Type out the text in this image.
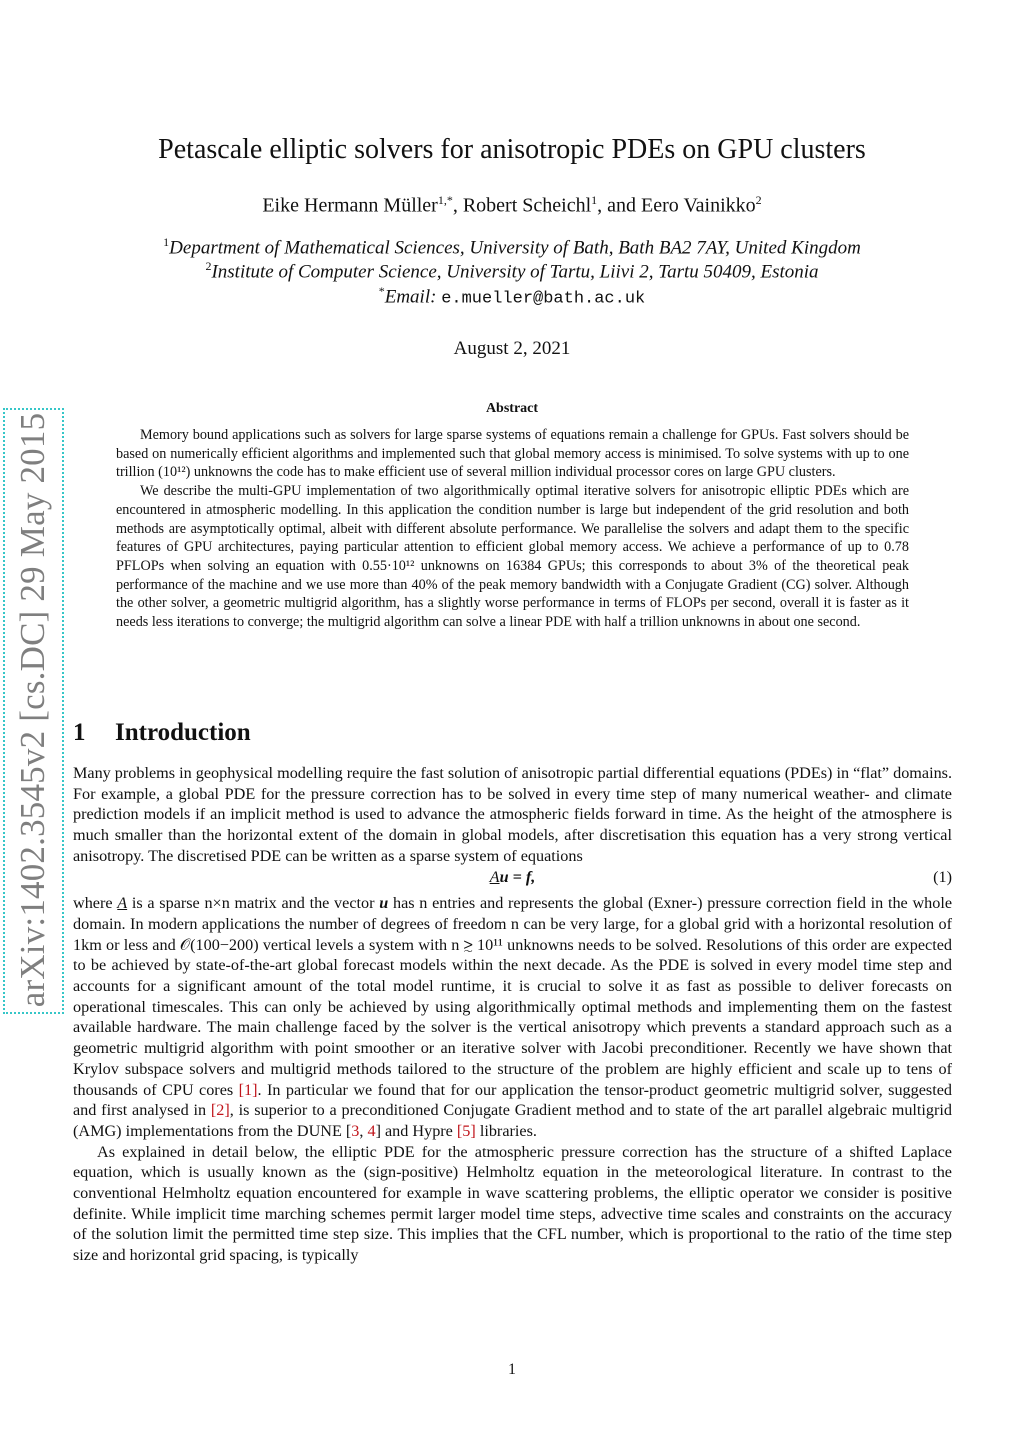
arXiv:1402.3545v2 [cs.DC] 29 May 2015
Petascale elliptic solvers for anisotropic PDEs on GPU clusters
Eike Hermann Müller$^{1,*}$, Robert Scheichl$^1$, and Eero Vainikko$^2$
$^1$Department of Mathematical Sciences, University of Bath, Bath BA2 7AY, United Kingdom
$^2$Institute of Computer Science, University of Tartu, Liivi 2, Tartu 50409, Estonia
*Email: e.mueller@bath.ac.uk
August 2, 2021
Abstract

Memory bound applications such as solvers for large sparse systems of equations remain a challenge for GPUs. Fast solvers should be based on numerically efficient algorithms and implemented such that global memory access is minimised. To solve systems with up to one trillion (10¹²) unknowns the code has to make efficient use of several million individual processor cores on large GPU clusters.

We describe the multi-GPU implementation of two algorithmically optimal iterative solvers for anisotropic elliptic PDEs which are encountered in atmospheric modelling. In this application the condition number is large but independent of the grid resolution and both methods are asymptotically optimal, albeit with different absolute performance. We parallelise the solvers and adapt them to the specific features of GPU architectures, paying particular attention to efficient global memory access. We achieve a performance of up to 0.78 PFLOPs when solving an equation with 0.55·10¹² unknowns on 16384 GPUs; this corresponds to about 3% of the theoretical peak performance of the machine and we use more than 40% of the peak memory bandwidth with a Conjugate Gradient (CG) solver. Although the other solver, a geometric multigrid algorithm, has a slightly worse performance in terms of FLOPs per second, overall it is faster as it needs less iterations to converge; the multigrid algorithm can solve a linear PDE with half a trillion unknowns in about one second.

1 Introduction

Many problems in geophysical modelling require the fast solution of anisotropic partial differential equations (PDEs) in “flat” domains. For example, a global PDE for the pressure correction has to be solved in every time step of many numerical weather- and climate prediction models if an implicit method is used to advance the atmospheric fields forward in time. As the height of the atmosphere is much smaller than the horizontal extent of the domain in global models, after discretisation this equation has a very strong vertical anisotropy. The discretised PDE can be written as a sparse system of equations

Au = f,	(1)

where A is a sparse n×n matrix and the vector u has n entries and represents the global (Exner-) pressure correction field in the whole domain. In modern applications the number of degrees of freedom n can be very large, for a global grid with a horizontal resolution of 1km or less and 𝒪(100−200) vertical levels a system with n ≳ 10¹¹ unknowns needs to be solved. Resolutions of this order are expected to be achieved by state-of-the-art global forecast models within the next decade. As the PDE is solved in every model time step and accounts for a significant amount of the total model runtime, it is crucial to solve it as fast as possible to deliver forecasts on operational timescales. This can only be achieved by using algorithmically optimal methods and implementing them on the fastest available hardware. The main challenge faced by the solver is the vertical anisotropy which prevents a standard approach such as a geometric multigrid algorithm with point smoother or an iterative solver with Jacobi preconditioner. Recently we have shown that Krylov subspace solvers and multigrid methods tailored to the structure of the problem are highly efficient and scale up to tens of thousands of CPU cores [1]. In particular we found that for our application the tensor-product geometric multigrid solver, suggested and first analysed in [2], is superior to a preconditioned Conjugate Gradient method and to state of the art parallel algebraic multigrid (AMG) implementations from the DUNE [3, 4] and Hypre [5] libraries.

As explained in detail below, the elliptic PDE for the atmospheric pressure correction has the structure of a shifted Laplace equation, which is usually known as the (sign-positive) Helmholtz equation in the meteorological literature. In contrast to the conventional Helmholtz equation encountered for example in wave scattering problems, the elliptic operator we consider is positive definite. While implicit time marching schemes permit larger model time steps, advective time scales and constraints on the accuracy of the solution limit the permitted time step size. This implies that the CFL number, which is proportional to the ratio of the time step size and horizontal grid spacing, is typically

1
